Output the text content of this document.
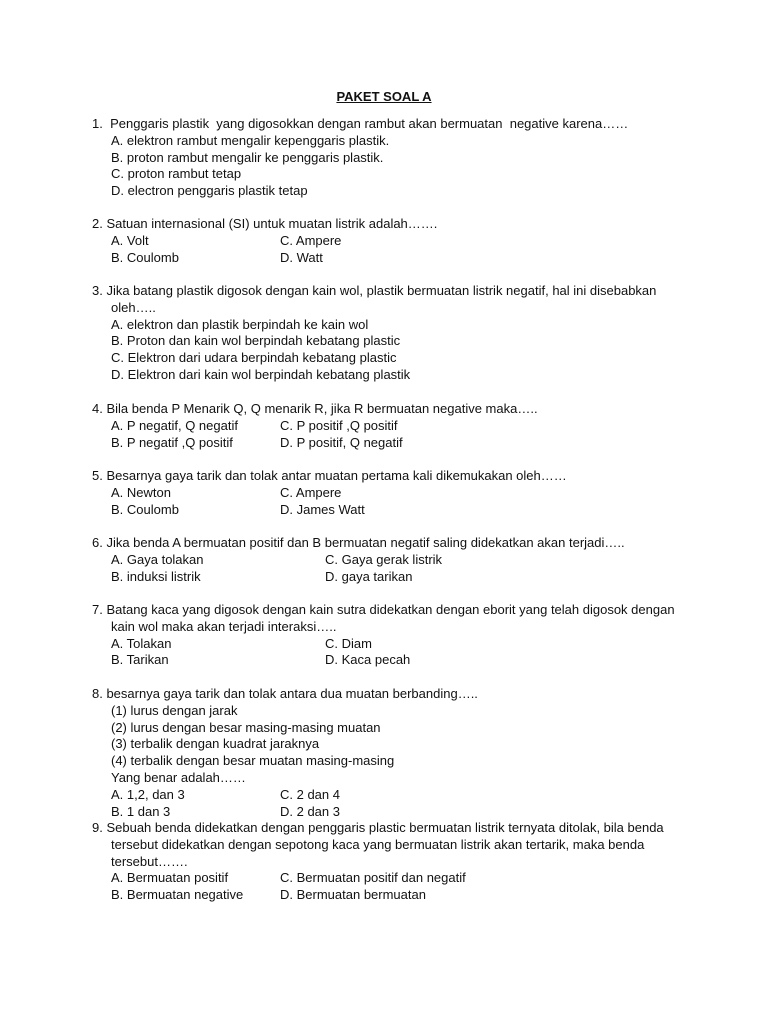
PAKET SOAL A
1.  Penggaris plastik  yang digosokkan dengan rambut akan bermuatan  negative karena……
A. elektron rambut mengalir kepenggaris plastik.
B. proton rambut mengalir ke penggaris plastik.
C. proton rambut tetap
D. electron penggaris plastik tetap
2. Satuan internasional (SI) untuk muatan listrik adalah…….
A. Volt	C. Ampere
B. Coulomb	D. Watt
3. Jika batang plastik digosok dengan kain wol, plastik bermuatan listrik negatif, hal ini disebabkan
oleh…..
A. elektron dan plastik berpindah ke kain wol
B. Proton dan kain wol berpindah kebatang plastic
C. Elektron dari udara berpindah kebatang plastic
D. Elektron dari kain wol berpindah kebatang plastik
4. Bila benda P Menarik Q, Q menarik R, jika R bermuatan negative maka…..
A. P negatif, Q negatif	C. P positif ,Q positif
B. P negatif ,Q positif	D. P positif, Q negatif
5. Besarnya gaya tarik dan tolak antar muatan pertama kali dikemukakan oleh……
A. Newton	C. Ampere
B. Coulomb	D. James Watt
6. Jika benda A bermuatan positif dan B bermuatan negatif saling didekatkan akan terjadi…..
A. Gaya tolakan	C. Gaya gerak listrik
B. induksi listrik	D. gaya tarikan
7. Batang kaca yang digosok dengan kain sutra didekatkan dengan eborit yang telah digosok dengan
kain wol maka akan terjadi interaksi…..
A. Tolakan	C. Diam
B. Tarikan	D. Kaca pecah
8. besarnya gaya tarik dan tolak antara dua muatan berbanding…..
(1) lurus dengan jarak
(2) lurus dengan besar masing-masing muatan
(3) terbalik dengan kuadrat jaraknya
(4) terbalik dengan besar muatan masing-masing
Yang benar adalah……
A. 1,2, dan 3	C. 2 dan 4
B. 1 dan 3	D. 2 dan 3
9. Sebuah benda didekatkan dengan penggaris plastic bermuatan listrik ternyata ditolak, bila benda
tersebut didekatkan dengan sepotong kaca yang bermuatan listrik akan tertarik, maka benda
tersebut…….
A. Bermuatan positif	C. Bermuatan positif dan negatif
B. Bermuatan negative	D. Bermuatan bermuatan
